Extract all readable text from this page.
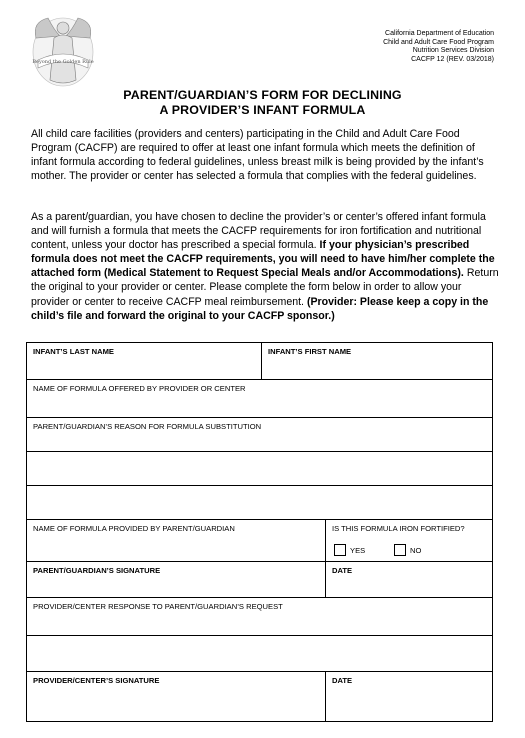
Beyond the Golden Rule
California Department of Education
Child and Adult Care Food Program
Nutrition Services Division
CACFP 12 (REV. 03/2018)
PARENT/GUARDIAN’S FORM FOR DECLINING
A PROVIDER’S INFANT FORMULA

All child care facilities (providers and centers) participating in the Child and Adult Care Food Program (CACFP) are required to offer at least one infant formula which meets the definition of infant formula according to federal guidelines, unless breast milk is being provided by the infant’s mother. The provider or center has selected a formula that complies with the federal guidelines.

As a parent/guardian, you have chosen to decline the provider’s or center’s offered infant formula and will furnish a formula that meets the CACFP requirements for iron fortification and nutritional content, unless your doctor has prescribed a special formula. If your physician’s prescribed formula does not meet the CACFP requirements, you will need to have him/her complete the attached form (Medical Statement to Request Special Meals and/or Accommodations). Return the original to your provider or center. Please complete the form below in order to allow your provider or center to receive CACFP meal reimbursement. (Provider: Please keep a copy in the child’s file and forward the original to your CACFP sponsor.)

INFANT’S LAST NAME	INFANT’S FIRST NAME
NAME OF FORMULA OFFERED BY PROVIDER OR CENTER
PARENT/GUARDIAN’S REASON FOR FORMULA SUBSTITUTION
NAME OF FORMULA PROVIDED BY PARENT/GUARDIAN	IS THIS FORMULA IRON FORTIFIED?
YES	NO
PARENT/GUARDIAN’S SIGNATURE	DATE
PROVIDER/CENTER RESPONSE TO PARENT/GUARDIAN’S REQUEST
PROVIDER/CENTER’S SIGNATURE	DATE
